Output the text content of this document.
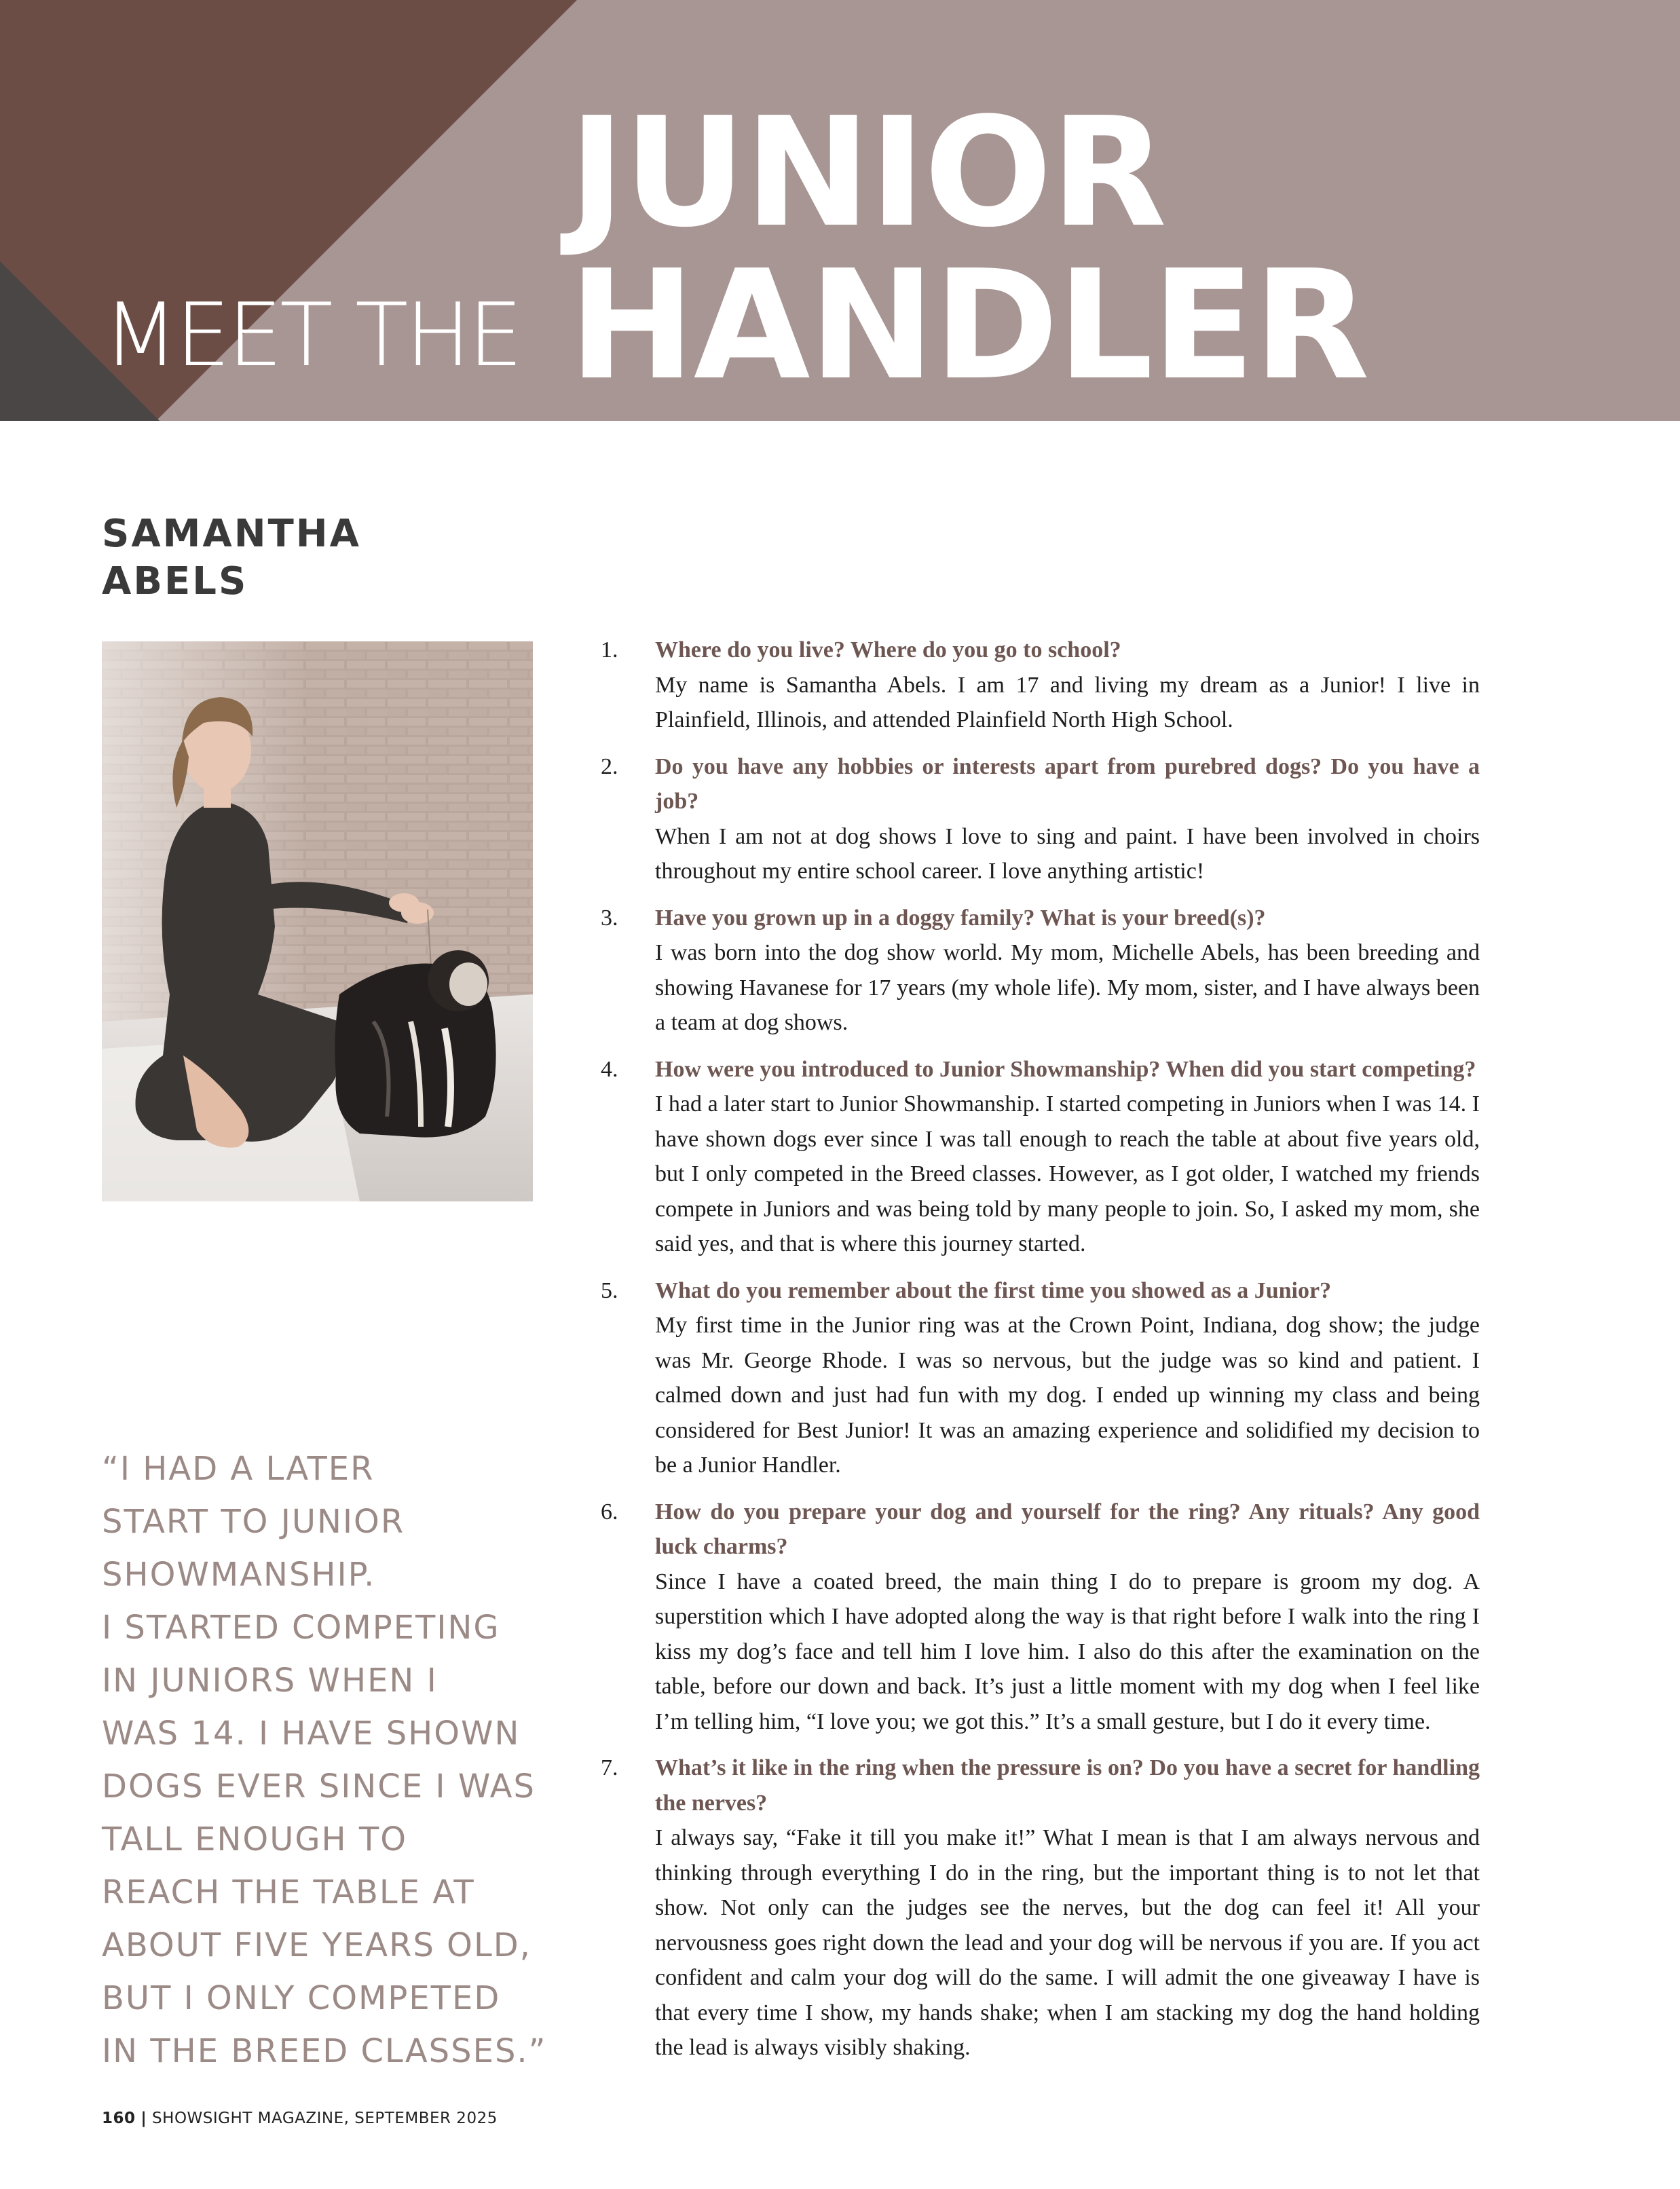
MEET THE
JUNIOR
HANDLER
SAMANTHA
ABELS
“I HAD A LATER
START TO JUNIOR
SHOWMANSHIP.
I STARTED COMPETING
IN JUNIORS WHEN I
WAS 14. I HAVE SHOWN
DOGS EVER SINCE I WAS
TALL ENOUGH TO
REACH THE TABLE AT
ABOUT FIVE YEARS OLD,
BUT I ONLY COMPETED
IN THE BREED CLASSES.”
1.	Where do you live? Where do you go to school?
My name is Samantha Abels. I am 17 and living my dream as a Junior! I live in Plainfield, Illinois, and attended Plainfield North High School.
2.	Do you have any hobbies or interests apart from purebred dogs? Do you have a job?
When I am not at dog shows I love to sing and paint. I have been involved in choirs throughout my entire school career. I love anything artistic!
3.	Have you grown up in a doggy family? What is your breed(s)?
I was born into the dog show world. My mom, Michelle Abels, has been breeding and showing Havanese for 17 years (my whole life). My mom, sister, and I have always been a team at dog shows.
4.	How were you introduced to Junior Showmanship? When did you start competing?
I had a later start to Junior Showmanship. I started competing in Juniors when I was 14. I have shown dogs ever since I was tall enough to reach the table at about five years old, but I only competed in the Breed classes. However, as I got older, I watched my friends compete in Juniors and was being told by many people to join. So, I asked my mom, she said yes, and that is where this journey started.
5.	What do you remember about the first time you showed as a Junior?
My first time in the Junior ring was at the Crown Point, Indiana, dog show; the judge was Mr. George Rhode. I was so nervous, but the judge was so kind and patient. I calmed down and just had fun with my dog. I ended up winning my class and being considered for Best Junior! It was an amazing experience and solidified my decision to be a Junior Handler.
6.	How do you prepare your dog and yourself for the ring? Any rituals? Any good luck charms?
Since I have a coated breed, the main thing I do to prepare is groom my dog. A superstition which I have adopted along the way is that right before I walk into the ring I kiss my dog’s face and tell him I love him. I also do this after the examination on the table, before our down and back. It’s just a little moment with my dog when I feel like I’m telling him, “I love you; we got this.” It’s a small gesture, but I do it every time.
7.	What’s it like in the ring when the pressure is on? Do you have a secret for handling the nerves?
I always say, “Fake it till you make it!” What I mean is that I am always nervous and thinking through everything I do in the ring, but the important thing is to not let that show. Not only can the judges see the nerves, but the dog can feel it! All your nervousness goes right down the lead and your dog will be nervous if you are. If you act confident and calm your dog will do the same. I will admit the one giveaway I have is that every time I show, my hands shake; when I am stacking my dog the hand holding the lead is always visibly shaking.
160 | SHOWSIGHT MAGAZINE, SEPTEMBER 2025
